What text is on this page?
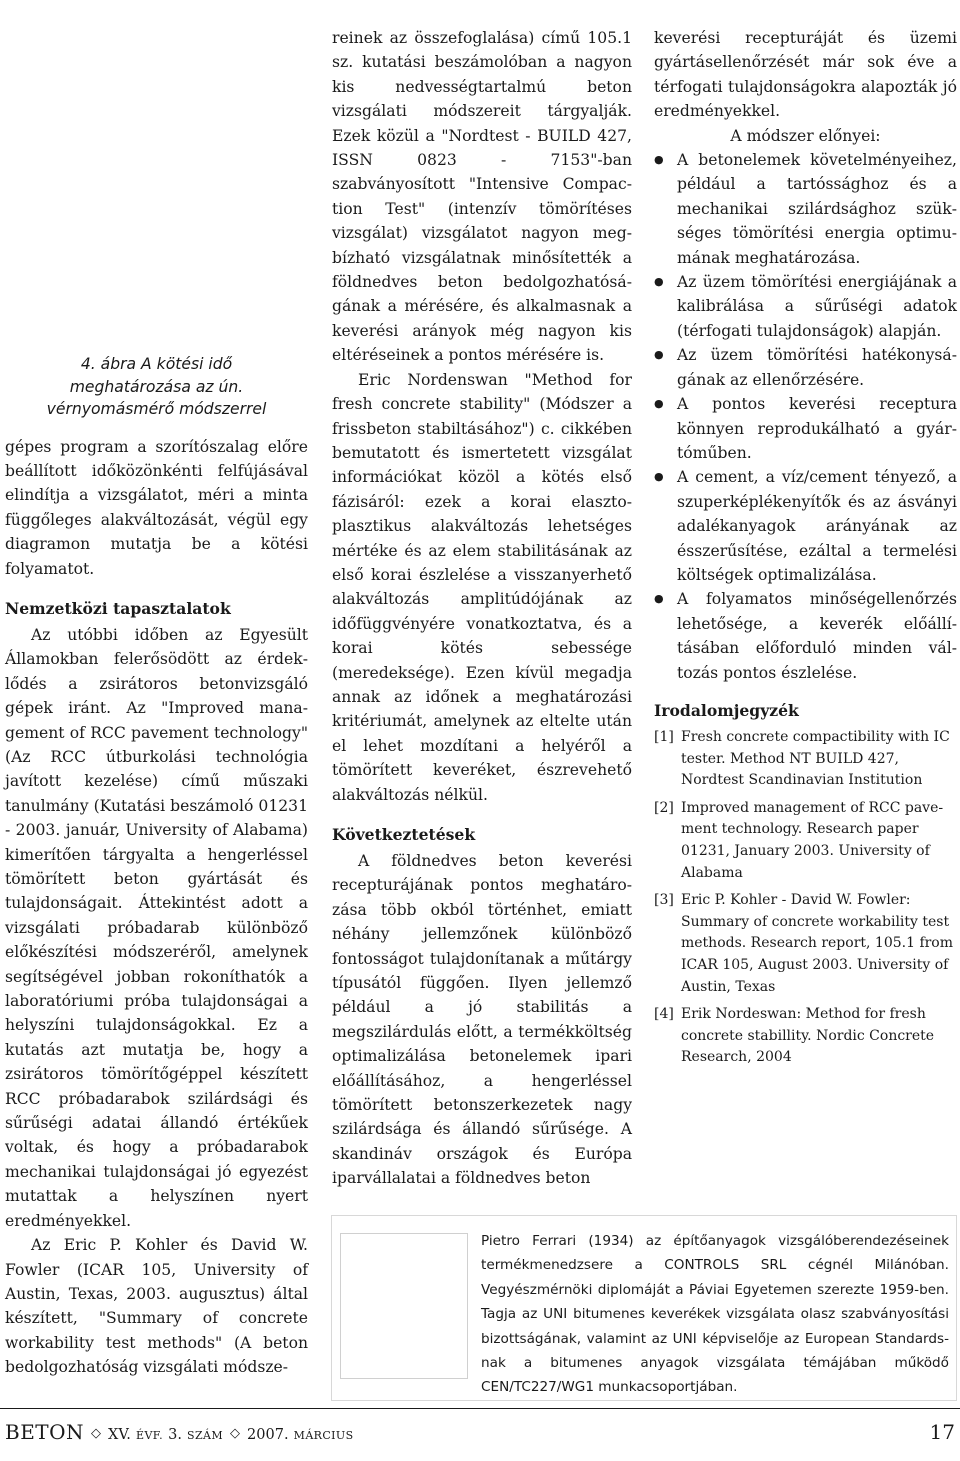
4. ábra A kötési idő
meghatározása az ún.
vérnyomásmérő módszerrel

gépes program a szorítószalag előre beállított időközönkénti felfújásával elindítja a vizsgálatot, méri a minta függőleges alakváltozását, végül egy diagramon mutatja be a kötési folyamatot.

Nemzetközi tapasztalatok

Az utóbbi időben az Egyesült Államokban felerősödött az érdeklődés a zsirátoros betonvizsgáló gépek iránt. Az "Improved management of RCC pavement technology" (Az RCC útburkolási technológia javított kezelése) című műszaki tanulmány (Kutatási beszámoló 01231 - 2003. január, University of Alabama) kimerítően tárgyalta a hengerléssel tömörített beton gyártását és tulajdonságait. Áttekintést adott a vizsgálati próbadarab különböző előkészítési módszeréről, amelynek segítségével jobban rokoníthatók a laboratóriumi próba tulajdonságai a helyszíni tulajdonságokkal. Ez a kutatás azt mutatja be, hogy a zsirátoros tömörítőgéppel készített RCC próbadarabok szilárdsági és sűrűségi adatai állandó értékűek voltak, és hogy a próbadarabok mechanikai tulajdonságai jó egyezést mutattak a helyszínen nyert eredményekkel.

Az Eric P. Kohler és David W. Fowler (ICAR 105, University of Austin, Texas, 2003. augusztus) által készített, "Summary of concrete workability test methods" (A beton bedolgozhatóság vizsgálati módsze-

reinek az összefoglalása) című 105.1 sz. kutatási beszámolóban a nagyon kis nedvességtartalmú beton vizsgálati módszereit tárgyalják. Ezek közül a "Nordtest - BUILD 427, ISSN 0823 - 7153"-ban szabványosított "Intensive Compaction Test" (intenzív tömörítéses vizsgálat) vizsgálatot nagyon megbízható vizsgálatnak minősítették a földnedves beton bedolgozhatóságának a mérésére, és alkalmasnak a keverési arányok még nagyon kis eltéréseinek a pontos mérésére is.

Eric Nordenswan "Method for fresh concrete stability" (Módszer a frissbeton stabiltásához") c. cikkében bemutatott és ismertetett vizsgálat információkat közöl a kötés első fázisáról: ezek a korai elasztoplasztikus alakváltozás lehetséges mértéke és az elem stabilitásának az első korai észlelése a visszanyerhető alakváltozás amplitúdójának az időfüggvényére vonatkoztatva, és a korai kötés sebessége (meredeksége). Ezen kívül megadja annak az időnek a meghatározási kritériumát, amelynek az eltelte után el lehet mozdítani a helyéről a tömörített keveréket, észrevehető alakváltozás nélkül.

Következtetések

A földnedves beton keverési recepturájának pontos meghatározása több okból történhet, emiatt néhány jellemzőnek különböző fontosságot tulajdonítanak a műtárgy típusától függően. Ilyen jellemző például a jó stabilitás a megszilárdulás előtt, a termékköltség optimalizálása betonelemek ipari előállításához, a hengerléssel tömörített betonszerkezetek nagy szilárdsága és állandó sűrűsége. A skandináv országok és Európa iparvállalatai a földnedves beton

keverési recepturáját és üzemi gyártásellenőrzését már sok éve a térfogati tulajdonságokra alapozták jó eredményekkel.

A módszer előnyei:

● A betonelemek követelményeihez, például a tartóssághoz és a mechanikai szilárdsághoz szükséges tömörítési energia optimumának meghatározása.
● Az üzem tömörítési energiájának a kalibrálása a sűrűségi adatok (térfogati tulajdonságok) alapján.
● Az üzem tömörítési hatékonyságának az ellenőrzésére.
● A pontos keverési receptura könnyen reprodukálható a gyártóműben.
● A cement, a víz/cement tényező, a szuperképlékenyítők és az ásványi adalékanyagok arányának az ésszerűsítése, ezáltal a termelési költségek optimalizálása.
● A folyamatos minőségellenőrzés lehetősége, a keverék előállításában előforduló minden változás pontos észlelése.
Irodalomjegyzék
[1] Fresh concrete compactibility with IC tester. Method NT BUILD 427, Nordtest Scandinavian Institution
[2] Improved management of RCC pavement technology. Research paper 01231, January 2003. University of Alabama
[3] Eric P. Kohler - David W. Fowler: Summary of concrete workability test methods. Research report, 105.1 from ICAR 105, August 2003. University of Austin, Texas
[4] Erik Nordeswan: Method for fresh concrete stabillity. Nordic Concrete Research, 2004
Pietro Ferrari (1934) az építőanyagok vizsgálóberendezéseinek termékmenedzsere a CONTROLS SRL cégnél Milánóban. Vegyészmérnöki diplomáját a Páviai Egyetemen szerezte 1959-ben. Tagja az UNI bitumenes keverékek vizsgálata olasz szabványosítási bizottságának, valamint az UNI képviselője az European Standards-nak a bitumenes anyagok vizsgálata témájában működő CEN/TC227/WG1 munkacsoportjában.
BETON ◇ XV. ÉVF. 3. SZÁM ◇ 2007. MÁRCIUS	17
